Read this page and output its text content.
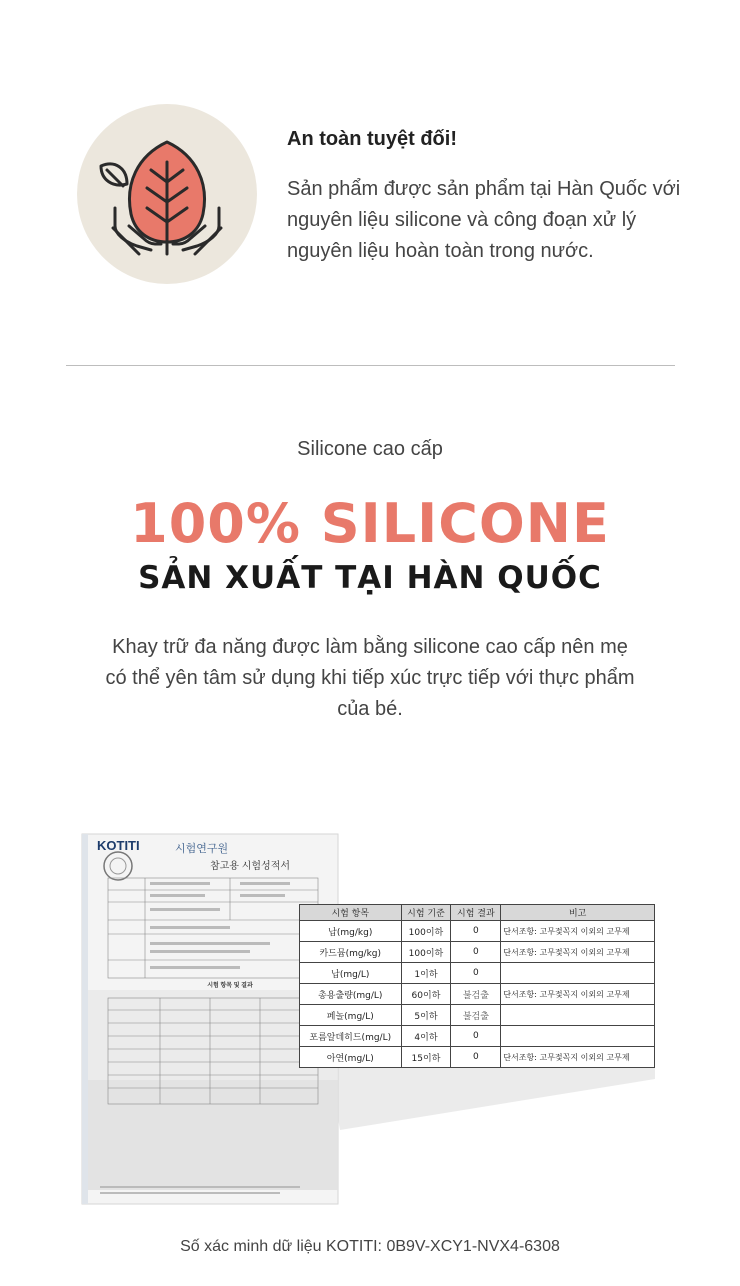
An toàn tuyệt đối!
Sản phẩm được sản phẩm tại Hàn Quốc với nguyên liệu silicone và công đoạn xử lý nguyên liệu hoàn toàn trong nước.
Silicone cao cấp
100% SILICONE
SẢN XUẤT TẠI HÀN QUỐC
Khay trữ đa năng được làm bằng silicone cao cấp nên mẹ có thể yên tâm sử dụng khi tiếp xúc trực tiếp với thực phẩm của bé.
KOTITI	시험연구원
참고용 시험성적서
시험 항목 및 결과
시험 항목	시험 기준	시험 결과	비고
납(mg/kg)	100이하	0	단서조항: 고무젖꼭지 이외의 고무제
카드뮴(mg/kg)	100이하	0	단서조항: 고무젖꼭지 이외의 고무제
납(mg/L)	1이하	0	
총용출량(mg/L)	60이하	불검출	단서조항: 고무젖꼭지 이외의 고무제
페놀(mg/L)	5이하	불검출	
포름알데히드(mg/L)	4이하	0	
아연(mg/L)	15이하	0	단서조항: 고무젖꼭지 이외의 고무제
Số xác minh dữ liệu KOTITI: 0B9V-XCY1-NVX4-6308
